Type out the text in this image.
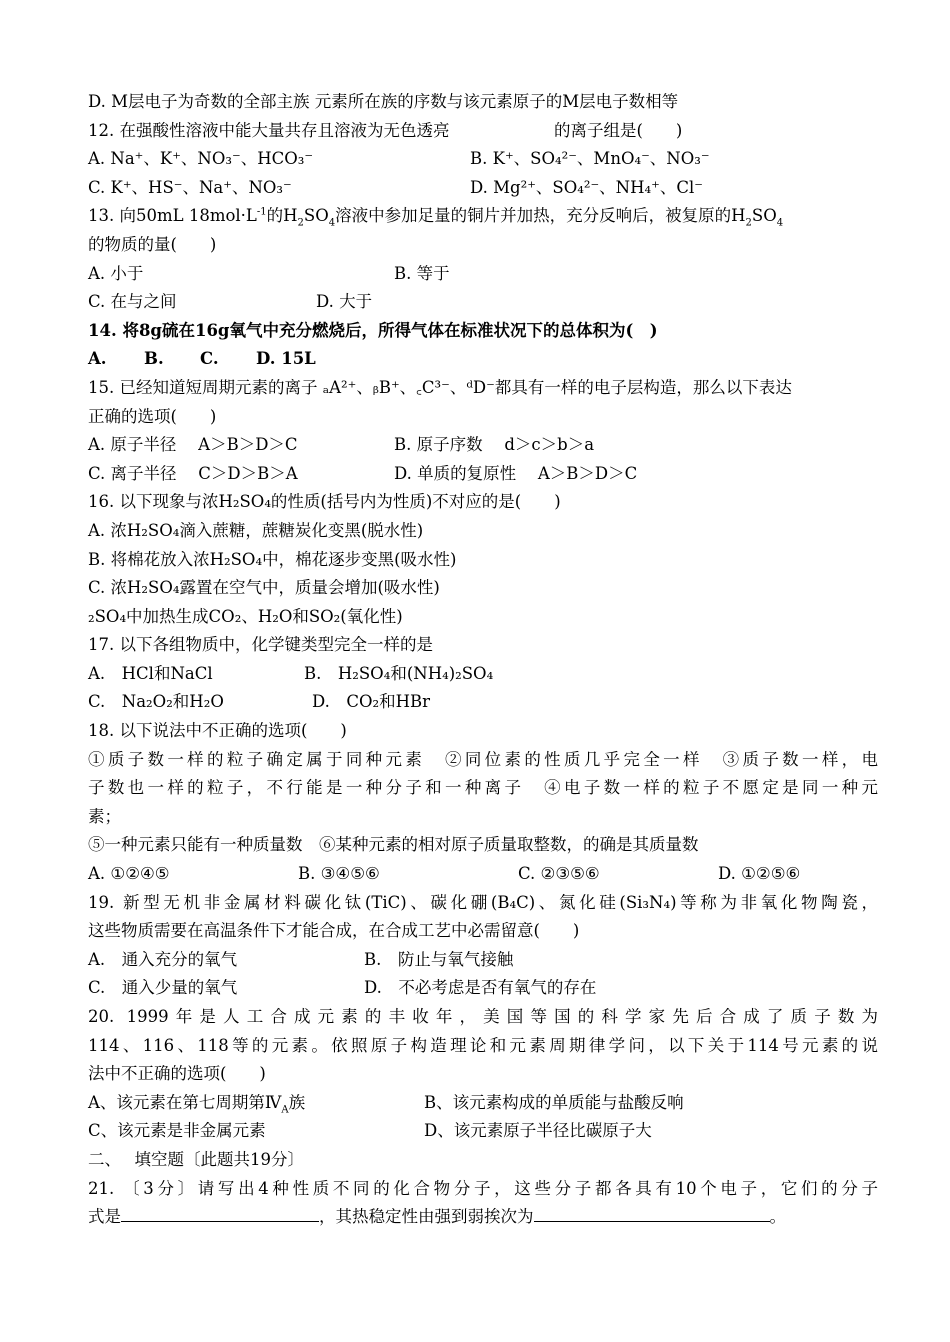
D. M层电子为奇数的全部主族 元素所在族的序数与该元素原子的M层电子数相等
12. 在强酸性溶液中能大量共存且溶液为无色透亮	的离子组是(　　)
A. Na⁺、K⁺、NO₃⁻、HCO₃⁻	B. K⁺、SO₄²⁻、MnO₄⁻、NO₃⁻
C. K⁺、HS⁻、Na⁺、NO₃⁻	D. Mg²⁺、SO₄²⁻、NH₄⁺、Cl⁻
13. 向50mL $18mol\cdot L^{-1}$的$H_2SO_4$溶液中参加足量的铜片并加热，充分反响后，被复原的$H_2SO_4$
的物质的量(　　)
A. 小于	B. 等于
C. 在与之间	D. 大于
14. 将8g硫在16g氧气中充分燃烧后，所得气体在标准状况下的总体积为(　)
A. B. C. D. 15L
15. 已经知道短周期元素的离子 ₐA²⁺、ᵦB⁺、꜀C³⁻、ᵈD⁻都具有一样的电子层构造，那么以下表达
正确的选项(　　)
A. 原子半径　 A＞B＞D＞C	B. 原子序数　 d＞c＞b＞a
C. 离子半径　 C＞D＞B＞A	D. 单质的复原性　 A＞B＞D＞C
16. 以下现象与浓H₂SO₄的性质(括号内为性质)不对应的是(　　)
A. 浓H₂SO₄滴入蔗糖，蔗糖炭化变黑(脱水性)
B. 将棉花放入浓H₂SO₄中，棉花逐步变黑(吸水性)
C. 浓H₂SO₄露置在空气中，质量会增加(吸水性)
₂SO₄中加热生成CO₂、H₂O和SO₂(氧化性)
17. 以下各组物质中，化学键类型完全一样的是
A.　HCl和NaCl	B.　H₂SO₄和(NH₄)₂SO₄
C.　Na₂O₂和H₂O	D.　CO₂和HBr
18. 以下说法中不正确的选项(　　)
①质子数一样的粒子确定属于同种元素　②同位素的性质几乎完全一样　③质子数一样，电
子数也一样的粒子，不行能是一种分子和一种离子　④电子数一样的粒子不愿定是同一种元
素；
⑤一种元素只能有一种质量数　⑥某种元素的相对原子质量取整数，的确是其质量数
A. ①②④⑤	B. ③④⑤⑥	C. ②③⑤⑥	D. ①②⑤⑥
19. 新型无机非金属材料碳化钛(TiC)、碳化硼(B₄C)、氮化硅(Si₃N₄)等称为非氧化物陶瓷，
这些物质需要在高温条件下才能合成，在合成工艺中必需留意(　　)
A.　通入充分的氧气	B.　防止与氧气接触
C.　通入少量的氧气	D.　不必考虑是否有氧气的存在
20. 1999年是人工合成元素的丰收年，美国等国的科学家先后合成了质子数为
114、116、118等的元素。依照原子构造理论和元素周期律学问，以下关于114号元素的说
法中不正确的选项(　　)
A、该元素在第七周期第$Ⅳ_A$族	B、该元素构成的单质能与盐酸反响
C、该元素是非金属元素	D、该元素原子半径比碳原子大
二、　 填空题〔此题共19分〕
21. 〔3分〕请写出4种性质不同的化合物分子，这些分子都各具有10个电子，它们的分子
式是	，其热稳定性由强到弱挨次为	。
